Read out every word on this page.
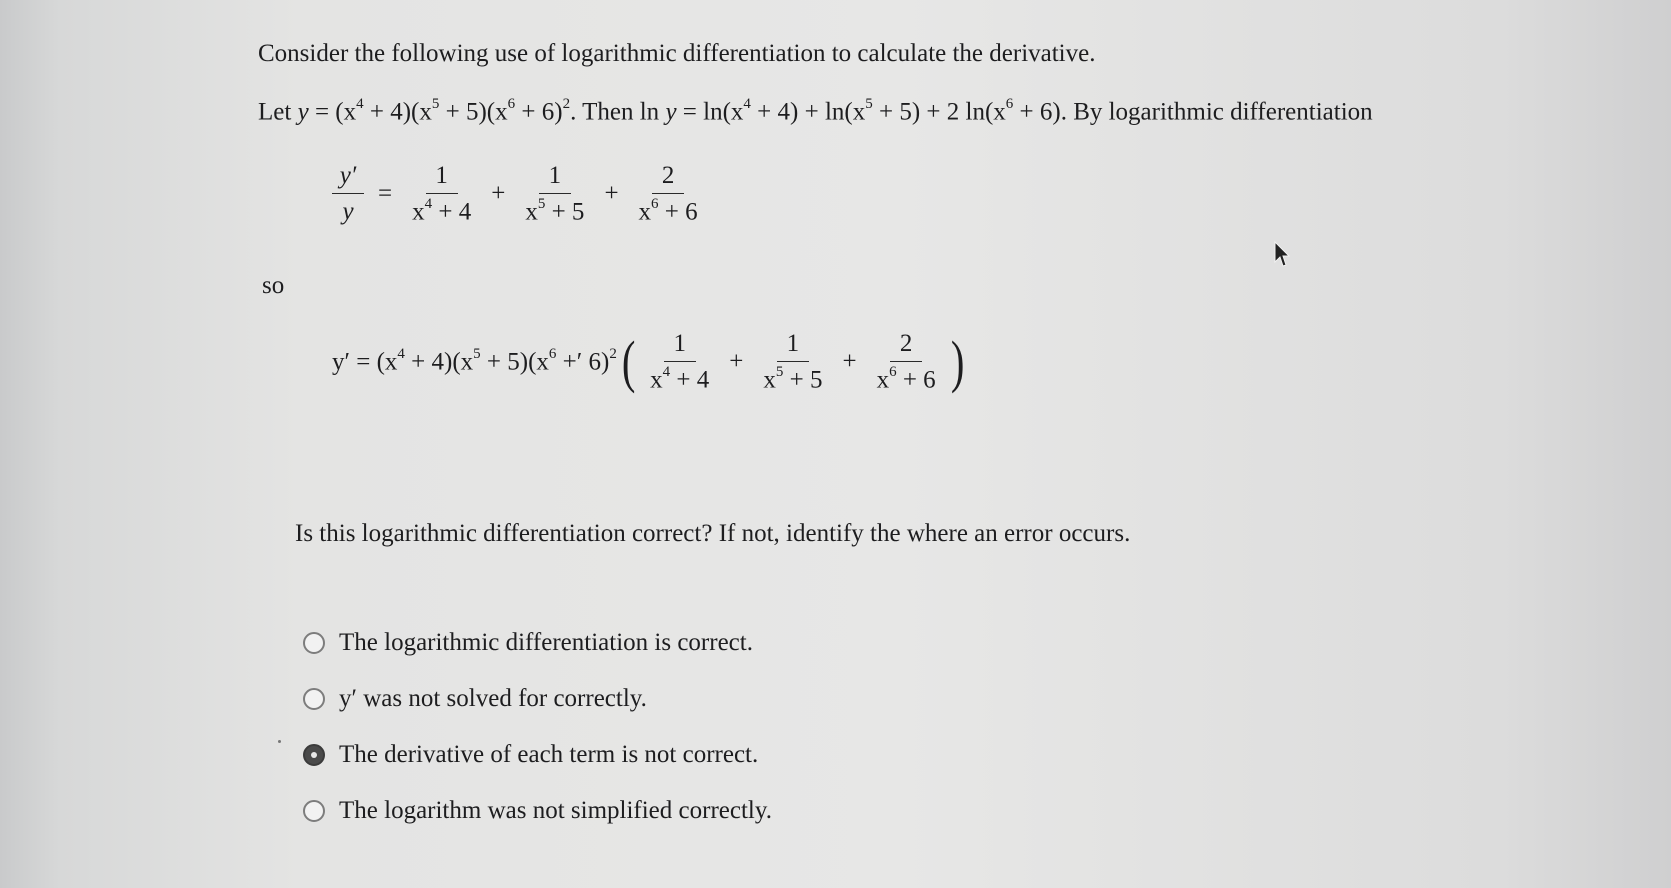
Consider the following use of logarithmic differentiation to calculate the derivative.
Let $y = (x^4 + 4)(x^5 + 5)(x^6 + 6)^2$. Then $\ln y = \ln(x^4 + 4) + \ln(x^5 + 5) + 2$ $\ln(x^6 + 6)$. By logarithmic differentiation
$\frac{y'}{y} = \frac{1}{x^4 + 4} + \frac{1}{x^5 + 5} + \frac{2}{x^6 + 6}$
so
$y' = (x^4 + 4)(x^5 + 5)(x^6$ +′ 6)$^2$ ( $\frac{1}{x^4 + 4} + \frac{1}{x^5 + 5} + \frac{2}{x^6 + 6}$ )
Is this logarithmic differentiation correct? If not, identify the where an error occurs.
The logarithmic differentiation is correct.
y′ was not solved for correctly.
The derivative of each term is not correct.
The logarithm was not simplified correctly.
